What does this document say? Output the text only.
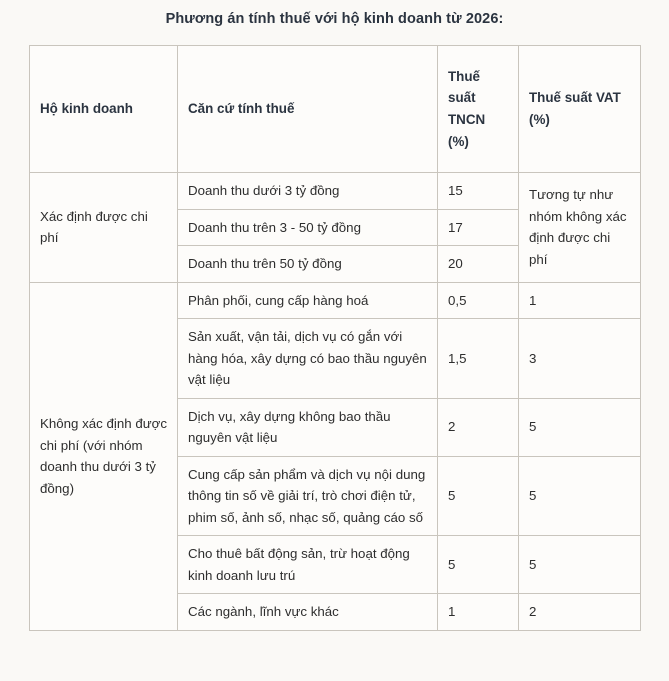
Phương án tính thuế với hộ kinh doanh từ 2026:
Hộ kinh doanh	Căn cứ tính thuế	Thuế suất TNCN (%)	Thuế suất VAT (%)
Xác định được chi phí	Doanh thu dưới 3 tỷ đồng	15	Tương tự như nhóm không xác định được chi phí
	Doanh thu trên 3 - 50 tỷ đồng	17	
	Doanh thu trên 50 tỷ đồng	20	
Không xác định được chi phí (với nhóm doanh thu dưới 3 tỷ đồng)	Phân phối, cung cấp hàng hoá	0,5	1
	Sản xuất, vận tải, dịch vụ có gắn với hàng hóa, xây dựng có bao thầu nguyên vật liệu	1,5	3
	Dịch vụ, xây dựng không bao thầu nguyên vật liệu	2	5
	Cung cấp sản phẩm và dịch vụ nội dung thông tin số về giải trí, trò chơi điện tử, phim số, ảnh số, nhạc số, quảng cáo số	5	5
	Cho thuê bất động sản, trừ hoạt động kinh doanh lưu trú	5	5
	Các ngành, lĩnh vực khác	1	2
